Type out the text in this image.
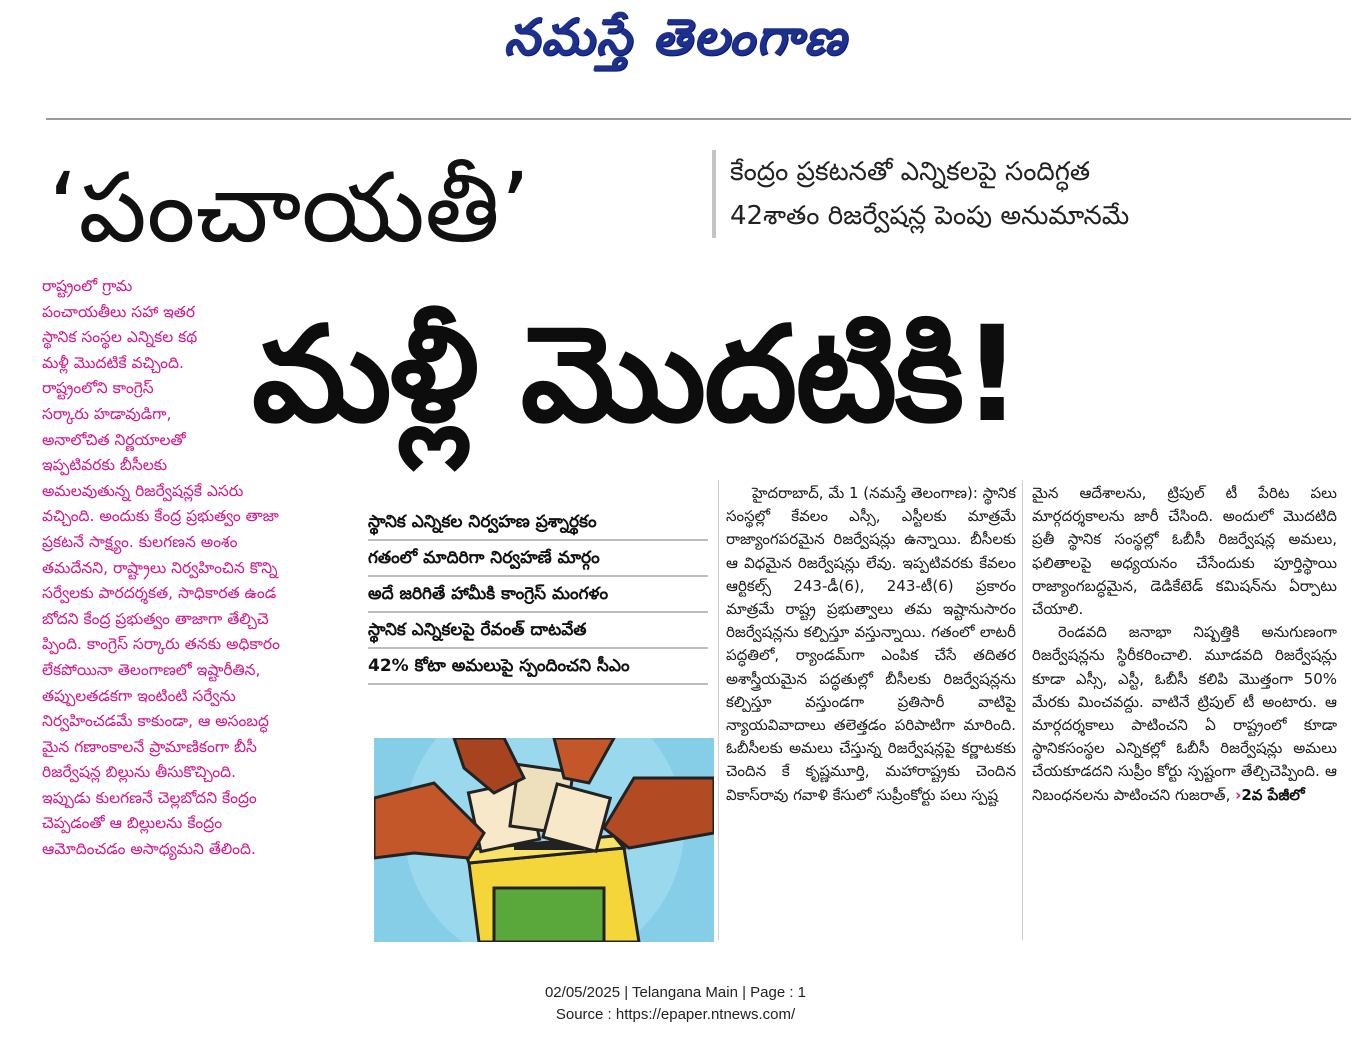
నమస్తే తెలంగాణ
‘పంచాయతీ’	కేంద్రం ప్రకటనతో ఎన్నికలపై సందిగ్ధత
42శాతం రిజర్వేషన్ల పెంపు అనుమానమే

రాష్ట్రంలో గ్రామ

పంచాయతీలు సహా ఇతర

స్థానిక సంస్థల ఎన్నికల కథ

మళ్లీ మొదటికే వచ్చింది.

రాష్ట్రంలోని కాంగ్రెస్

సర్కారు హడావుడిగా,

అనాలోచిత నిర్ణయాలతో

ఇప్పటివరకు బీసీలకు

అమలవుతున్న రిజర్వేషన్లకే ఎసరు

వచ్చింది. అందుకు కేంద్ర ప్రభుత్వం తాజా

ప్రకటనే సాక్ష్యం. కులగణన అంశం

తమదేనని, రాష్ట్రాలు నిర్వహించిన కొన్ని

సర్వేలకు పారదర్శకత, సాధికారత ఉండ

బోదని కేంద్ర ప్రభుత్వం తాజాగా తేల్చిచె

ప్పింది. కాంగ్రెస్ సర్కారు తనకు అధికారం

లేకపోయినా తెలంగాణలో ఇష్టారీతిన,

తప్పులతడకగా ఇంటింటి సర్వేను

నిర్వహించడమే కాకుండా, ఆ అసంబద్ధ

మైన గణాంకాలనే ప్రామాణికంగా బీసీ

రిజర్వేషన్ల బిల్లును తీసుకొచ్చింది.

ఇప్పుడు కులగణనే చెల్లబోదని కేంద్రం

చెప్పడంతో ఆ బిల్లులను కేంద్రం

ఆమోదించడం అసాధ్యమని తేలింది.

మళ్లీ మొదటికి!
స్థానిక ఎన్నికల నిర్వహణ ప్రశ్నార్థకం
గతంలో మాదిరిగా నిర్వహణే మార్గం
అదే జరిగితే హామీకి కాంగ్రెస్ మంగళం
స్థానిక ఎన్నికలపై రేవంత్ దాటవేత
42% కోటా అమలుపై స్పందించని సీఎం

హైదరాబాద్, మే 1 (నమస్తే తెలంగాణ): స్థానిక సంస్థల్లో కేవలం ఎస్సీ, ఎస్టీలకు మాత్రమే రాజ్యాంగపరమైన రిజర్వేషన్లు ఉన్నాయి. బీసీలకు ఆ విధమైన రిజర్వేషన్లు లేవు. ఇప్పటివరకు కేవలం ఆర్టికల్స్ 243-డీ(6), 243-టీ(6) ప్రకారం మాత్రమే రాష్ట్ర ప్రభుత్వాలు తమ ఇష్టానుసారం రిజర్వేషన్లను కల్పిస్తూ వస్తున్నాయి. గతంలో లాటరీ పద్ధతిలో, ర్యాండమ్‌గా ఎంపిక చేసే తదితర అశాస్త్రీయమైన పద్ధతుల్లో బీసీలకు రిజర్వేషన్లను కల్పిస్తూ వస్తుండగా ప్రతిసారీ వాటిపై న్యాయవివాదాలు తలెత్తడం పరిపాటిగా మారింది. ఓబీసీలకు అమలు చేస్తున్న రిజర్వేషన్లపై కర్ణాటకకు చెందిన కే కృష్ణమూర్తి, మహారాష్ట్రకు చెందిన వికాస్‌రావు గవాళి కేసులో సుప్రీంకోర్టు పలు స్పష్ట

మైన ఆదేశాలను, ట్రిపుల్ టీ పేరిట పలు మార్గదర్శకాలను జారీ చేసింది. అందులో మొదటిది ప్రతీ స్థానిక సంస్థల్లో ఓబీసీ రిజర్వేషన్ల అమలు, ఫలితాలపై అధ్యయనం చేసేందుకు పూర్తిస్థాయి రాజ్యాంగబద్ధమైన, డెడికేటెడ్ కమిషన్‌ను ఏర్పాటు చేయాలి.

రెండవది జనాభా నిష్పత్తికి అనుగుణంగా రిజర్వేషన్లను స్థిరీకరించాలి. మూడవది రిజర్వేషన్లు కూడా ఎస్సీ, ఎస్టీ, ఓబీసీ కలిపి మొత్తంగా 50% మేరకు మించవద్దు. వాటినే ట్రిపుల్ టీ అంటారు. ఆ మార్గదర్శకాలు పాటించని ఏ రాష్ట్రంలో కూడా స్థానికసంస్థల ఎన్నికల్లో ఓబీసీ రిజర్వేషన్లు అమలు చేయకూడదని సుప్రీం కోర్టు స్పష్టంగా తేల్చిచెప్పింది. ఆ నిబంధనలను పాటించని గుజరాత్, ›2వ పేజీలో

02/05/2025 | Telangana Main | Page : 1
Source : https://epaper.ntnews.com/
